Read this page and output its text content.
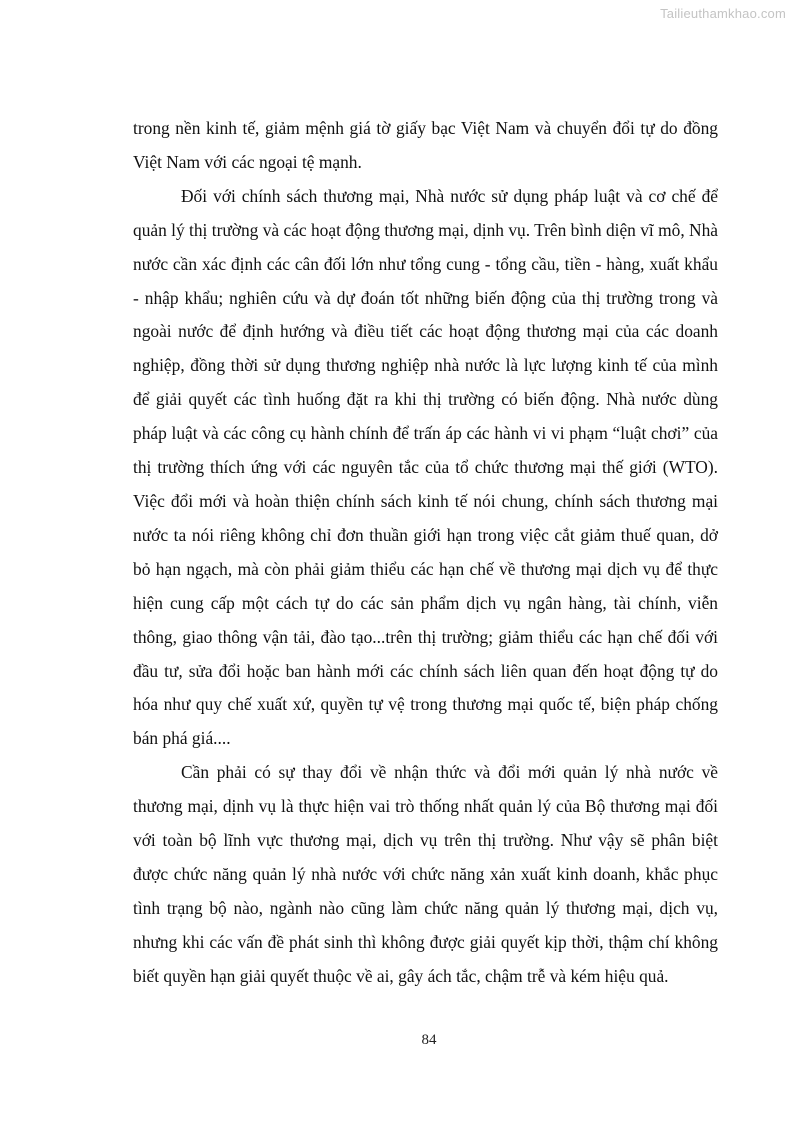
Tailieuthamkhao.com

trong nền kinh tế, giảm mệnh giá tờ giấy bạc Việt Nam và chuyển đổi tự do đồng Việt Nam với các ngoại tệ mạnh.

Đối với chính sách thương mại, Nhà nước sử dụng pháp luật và cơ chế để quản lý thị trường và các hoạt động thương mại, dịnh vụ. Trên bình diện vĩ mô, Nhà nước cần xác định các cân đối lớn như tổng cung - tổng cầu, tiền - hàng, xuất khẩu - nhập khẩu; nghiên cứu và dự đoán tốt những biến động của thị trường trong và ngoài nước để định hướng và điều tiết các hoạt động thương mại của các doanh nghiệp, đồng thời sử dụng thương nghiệp nhà nước là lực lượng kinh tế của mình để giải quyết các tình huống đặt ra khi thị trường có biến động. Nhà nước dùng pháp luật và các công cụ hành chính để trấn áp các hành vi vi phạm “luật chơi” của thị trường thích ứng với các nguyên tắc của tổ chức thương mại thế giới (WTO). Việc đổi mới và hoàn thiện chính sách kinh tế nói chung, chính sách thương mại nước ta nói riêng không chỉ đơn thuần giới hạn trong việc cắt giảm thuế quan, dở bỏ hạn ngạch, mà còn phải giảm thiểu các hạn chế về thương mại dịch vụ để thực hiện cung cấp một cách tự do các sản phẩm dịch vụ ngân hàng, tài chính, viễn thông, giao thông vận tải, đào tạo...trên thị trường; giảm thiểu các hạn chế đối với đầu tư, sửa đổi hoặc ban hành mới các chính sách liên quan đến hoạt động tự do hóa như quy chế xuất xứ, quyền tự vệ trong thương mại quốc tế, biện pháp chống bán phá giá....

Cần phải có sự thay đổi về nhận thức và đổi mới quản lý nhà nước về thương mại, dịnh vụ là thực hiện vai trò thống nhất quản lý của Bộ thương mại đối với toàn bộ lĩnh vực thương mại, dịch vụ trên thị trường. Như vậy sẽ phân biệt được chức năng quản lý nhà nước với chức năng xản xuất kinh doanh, khắc phục tình trạng bộ nào, ngành nào cũng làm chức năng quản lý thương mại, dịch vụ, nhưng khi các vấn đề phát sinh thì không được giải quyết kịp thời, thậm chí không biết quyền hạn giải quyết thuộc về ai, gây ách tắc, chậm trễ và kém hiệu quả.

84
